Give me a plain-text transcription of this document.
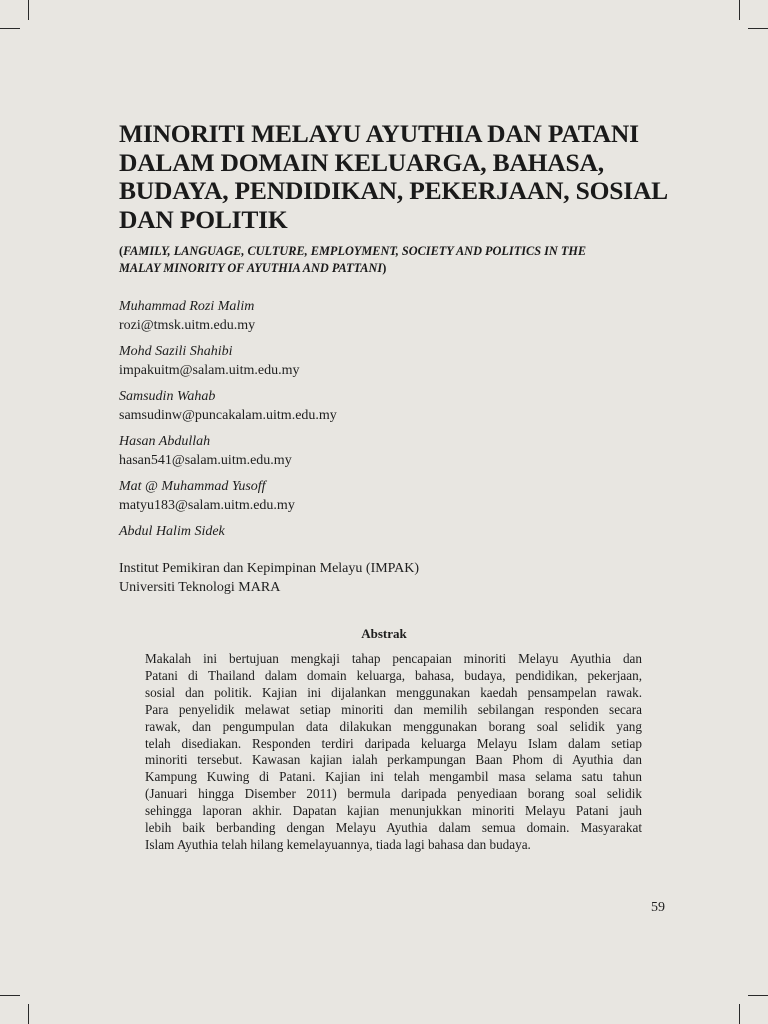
MINORITI MELAYU AYUTHIA DAN PATANI
DALAM DOMAIN KELUARGA, BAHASA,
BUDAYA, PENDIDIKAN, PEKERJAAN, SOSIAL
DAN POLITIK
(FAMILY, LANGUAGE, CULTURE, EMPLOYMENT, SOCIETY AND POLITICS IN THE
MALAY MINORITY OF AYUTHIA AND PATTANI)
Muhammad Rozi Malim
rozi@tmsk.uitm.edu.my
Mohd Sazili Shahibi
impakuitm@salam.uitm.edu.my
Samsudin Wahab
samsudinw@puncakalam.uitm.edu.my
Hasan Abdullah
hasan541@salam.uitm.edu.my
Mat @ Muhammad Yusoff
matyu183@salam.uitm.edu.my
Abdul Halim Sidek
Institut Pemikiran dan Kepimpinan Melayu (IMPAK)
Universiti Teknologi MARA
Abstrak
Makalah ini bertujuan mengkaji tahap pencapaian minoriti Melayu Ayuthia dan
Patani di Thailand dalam domain keluarga, bahasa, budaya, pendidikan, pekerjaan,
sosial dan politik. Kajian ini dijalankan menggunakan kaedah pensampelan rawak.
Para penyelidik melawat setiap minoriti dan memilih sebilangan responden secara
rawak, dan pengumpulan data dilakukan menggunakan borang soal selidik yang
telah disediakan. Responden terdiri daripada keluarga Melayu Islam dalam setiap
minoriti tersebut. Kawasan kajian ialah perkampungan Baan Phom di Ayuthia dan
Kampung Kuwing di Patani. Kajian ini telah mengambil masa selama satu tahun
(Januari hingga Disember 2011) bermula daripada penyediaan borang soal selidik
sehingga laporan akhir. Dapatan kajian menunjukkan minoriti Melayu Patani jauh
lebih baik berbanding dengan Melayu Ayuthia dalam semua domain. Masyarakat
Islam Ayuthia telah hilang kemelayuannya, tiada lagi bahasa dan budaya.
59
